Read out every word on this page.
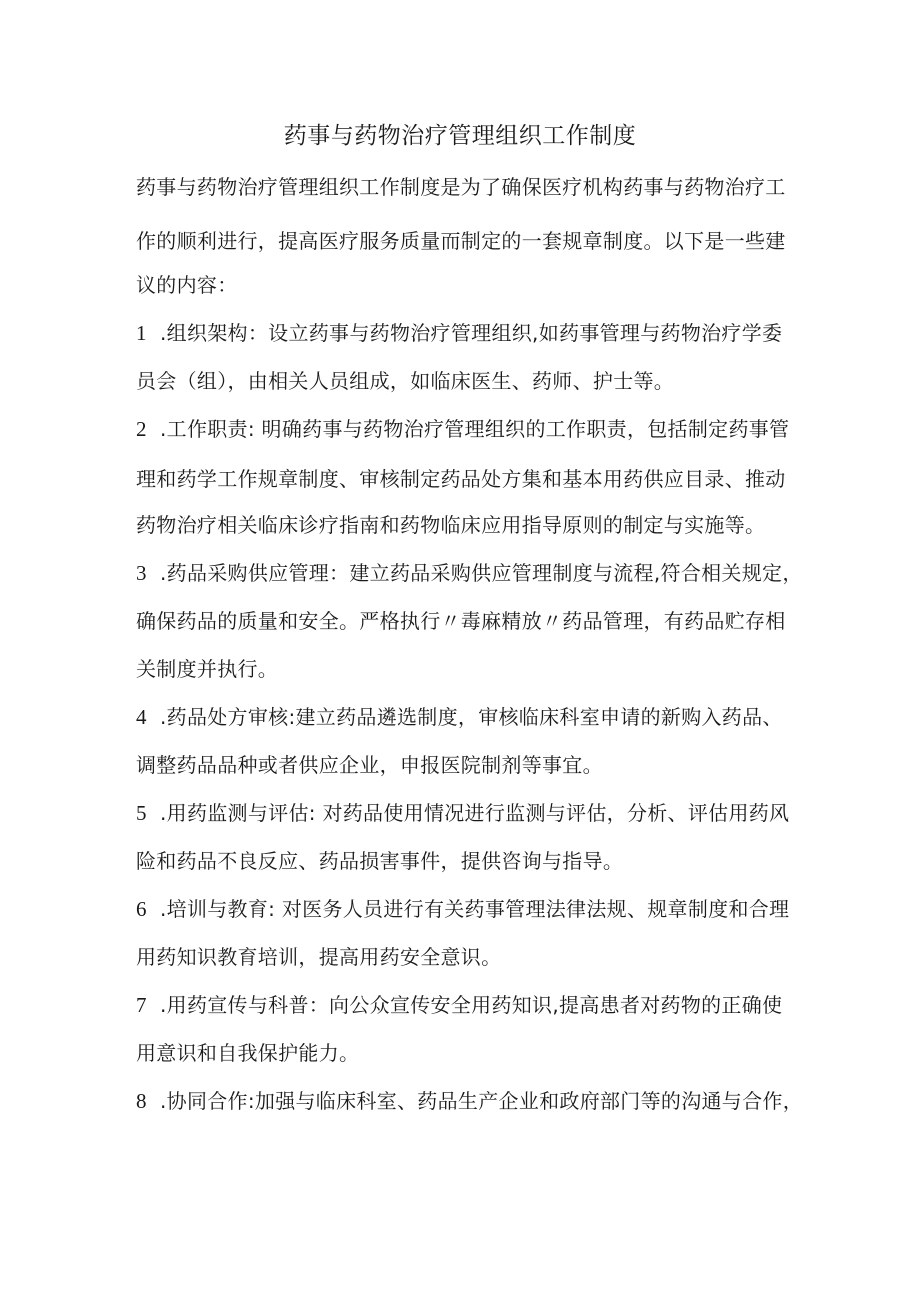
药事与药物治疗管理组织工作制度
药事与药物治疗管理组织工作制度是为了确保医疗机构药事与药物治疗工
作的顺利进行，提高医疗服务质量而制定的一套规章制度。以下是一些建
议的内容：
1 .组织架构：设立药事与药物治疗管理组织,如药事管理与药物治疗学委
员会（组），由相关人员组成，如临床医生、药师、护士等。
2 .工作职责: 明确药事与药物治疗管理组织的工作职责，包括制定药事管
理和药学工作规章制度、审核制定药品处方集和基本用药供应目录、推动
药物治疗相关临床诊疗指南和药物临床应用指导原则的制定与实施等。
3 .药品采购供应管理：建立药品采购供应管理制度与流程,符合相关规定，
确保药品的质量和安全。严格执行〃毒麻精放〃药品管理，有药品贮存相
关制度并执行。
4 .药品处方审核:建立药品遴选制度，审核临床科室申请的新购入药品、
调整药品品种或者供应企业，申报医院制剂等事宜。
5 .用药监测与评估: 对药品使用情况进行监测与评估，分析、评估用药风
险和药品不良反应、药品损害事件，提供咨询与指导。
6 .培训与教育: 对医务人员进行有关药事管理法律法规、规章制度和合理
用药知识教育培训，提高用药安全意识。
7 .用药宣传与科普：向公众宣传安全用药知识,提高患者对药物的正确使
用意识和自我保护能力。
8 .协同合作:加强与临床科室、药品生产企业和政府部门等的沟通与合作，
